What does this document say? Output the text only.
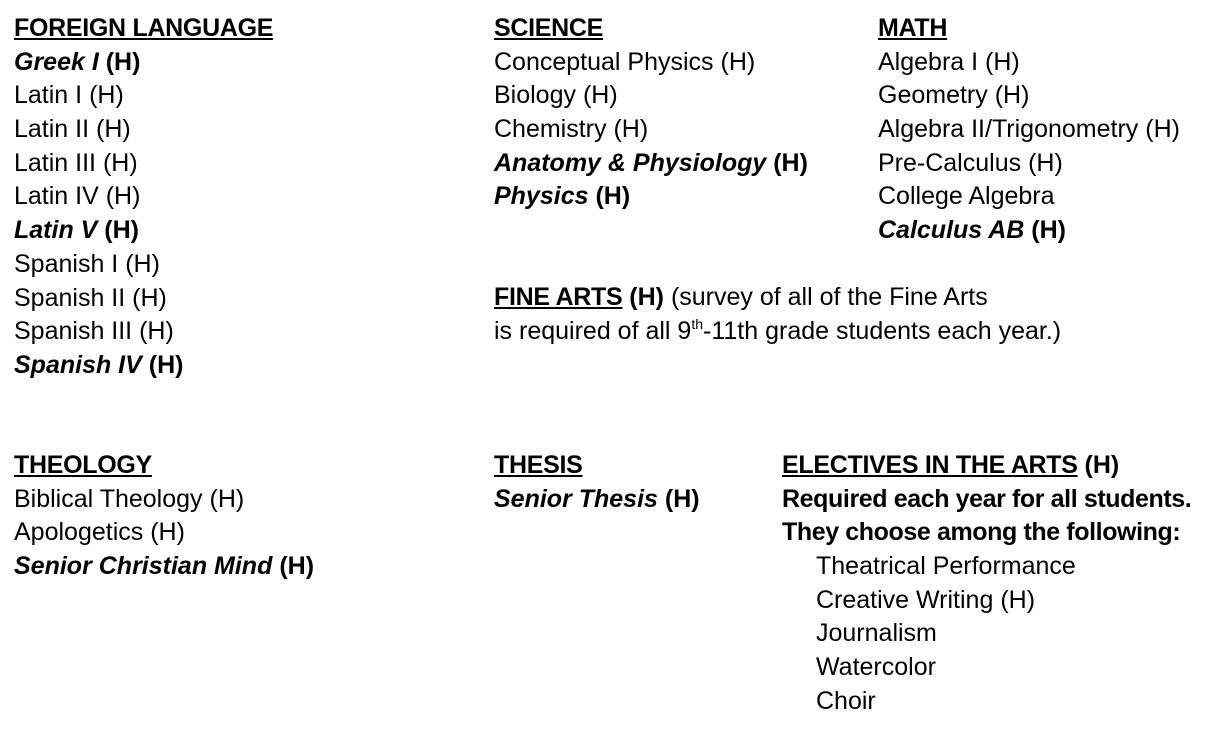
FOREIGN LANGUAGE
Greek I (H)
Latin I (H)
Latin II (H)
Latin III (H)
Latin IV (H)
Latin V (H)
Spanish I (H)
Spanish II (H)
Spanish III (H)
Spanish IV (H)
SCIENCE
Conceptual Physics (H)
Biology (H)
Chemistry (H)
Anatomy & Physiology (H)
Physics (H)
MATH
Algebra I (H)
Geometry (H)
Algebra II/Trigonometry (H)
Pre-Calculus (H)
College Algebra
Calculus AB (H)
FINE ARTS (H) (survey of all of the Fine Arts
is required of all 9th-11th grade students each year.)
THEOLOGY
Biblical Theology (H)
Apologetics (H)
Senior Christian Mind (H)
THESIS
Senior Thesis (H)
ELECTIVES IN THE ARTS (H)
Required each year for all students.
They choose among the following:
Theatrical Performance
Creative Writing (H)
Journalism
Watercolor
Choir
